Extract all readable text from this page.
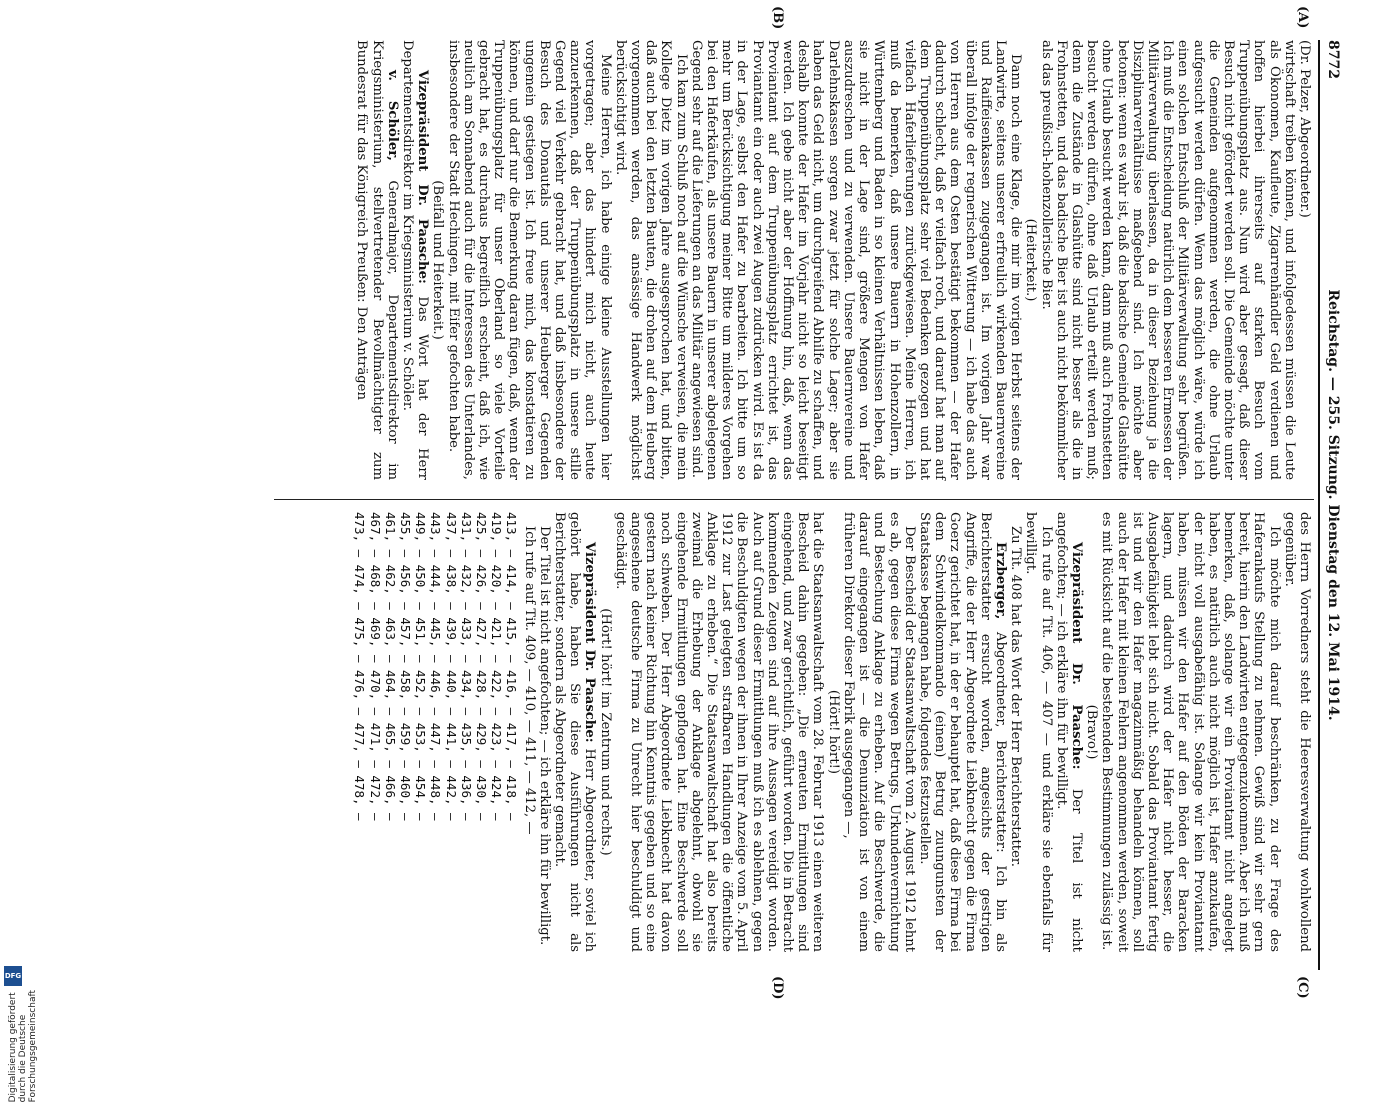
8772
Reichstag. — 255. Sitzung. Dienstag den 12. Mai 1914.
(A)
(B)
(C)
(D)

(Dr. Pelzer, Abgeordneter.)

wirtschaft treiben können, und infolgedessen müssen die Leute als Ökonomen, Kaufleute, Zigarrenhändler Geld verdienen und hoffen hierbei ihrerseits auf starken Besuch vom Truppenübungsplatz aus. Nun wird aber gesagt, daß dieser Besuch nicht gefördert werden soll. Die Gemeinde möchte unter die Gemeinden aufgenommen werden, die ohne Urlaub aufgesucht werden dürfen. Wenn das möglich wäre, würde ich einen solchen Entschluß der Militärverwaltung sehr begrüßen. Ich muß die Entscheidung natürlich dem besseren Ermessen der Militärverwaltung überlassen, da in dieser Beziehung ja die Disziplinarverhältnisse maßgebend sind. Ich möchte aber betonen: wenn es wahr ist, daß die badische Gemeinde Glashütte ohne Urlaub besucht werden kann, dann muß auch Frohnstetten besucht werden dürfen, ohne daß Urlaub erteilt werden muß; denn die Zustände in Glashütte sind nicht besser als die in Frohnstetten, und das badische Bier ist auch nicht bekömmlicher als das preußisch-hohenzollerische Bier.

(Heiterkeit.)

Dann noch eine Klage, die mir im vorigen Herbst seitens der Landwirte, seitens unserer erfreulich wirkenden Bauernvereine und Raiffeisenkassen zugegangen ist. Im vorigen Jahr war überall infolge der regnerischen Witterung — ich habe das auch von Herren aus dem Osten bestätigt bekommen — der Hafer dadurch schlecht, daß er vielfach roch, und darauf hat man auf dem Truppenübungsplatz sehr viel Bedenken gezogen und hat vielfach Haferlieferungen zurückgewiesen. Meine Herren, ich muß da bemerken, daß unsere Bauern in Hohenzollern, in Württemberg und Baden in so kleinen Verhältnissen leben, daß sie nicht in der Lage sind, größere Mengen von Hafer auszudreschen und zu verwenden. Unsere Bauernvereine und Darlehnskassen sorgen zwar jetzt für solche Lager; aber sie haben das Geld nicht, um durchgreifend Abhilfe zu schaffen, und deshalb konnte der Hafer im Vorjahr nicht so leicht beseitigt werden. Ich gebe nicht aber der Hoffnung hin, daß, wenn das Proviantamt auf dem Truppenübungsplatz errichtet ist, das Proviantamt ein oder auch zwei Augen zudrücken wird. Es ist da in der Lage, selbst den Hafer zu bearbeiten. Ich bitte um so mehr um Berücksichtigung meiner Bitte um milderes Vorgehen bei den Haferkäufen, als unsere Bauern in unserer abgelegenen Gegend sehr auf die Lieferungen an das Militär angewiesen sind.

Ich kam zum Schluß noch auf die Wünsche verweisen, die mein Kollege Dietz im vorigen Jahre ausgesprochen hat, und bitten, daß auch bei den letzten Bauten, die drohen auf dem Heuberg vorgenommen werden, das ansässige Handwerk möglichst berücksichtigt wird.

Meine Herren, ich habe einige kleine Ausstellungen hier vorgetragen; aber das hindert mich nicht, auch heute anzuerkennen, daß der Truppenübungsplatz in unsere stille Gegend viel Verkehr gebracht hat, und daß insbesondere der Besuch des Donautals und unserer Heuberger Gegenden ungemein gestiegen ist. Ich freue mich, das konstatieren zu können, und darf nur die Bemerkung daran fügen, daß, wenn der Truppenübungsplatz für unser Oberland so viele Vorteile gebracht hat, es durchaus begreiflich erscheint, daß ich, wie neulich am Sonnabend auch für die Interessen des Unterlandes, insbesondere der Stadt Hechingen, mit Eifer gefochten habe.

(Beifall und Heiterkeit.)

Vizepräsident Dr. Paasche: Das Wort hat der Herr Departementsdirektor im Kriegsministerium v. Schöler.

v. Schöler, Generalmajor, Departementsdirektor im Kriegsministerium, stellvertretender Bevollmächtigter zum Bundesrat für das Königreich Preußen: Den Anträgen

des Herrn Vorredners steht die Heeresverwaltung wohlwollend gegenüber.

Ich möchte mich darauf beschränken, zu der Frage des Haferankaufs Stellung zu nehmen. Gewiß sind wir sehr gern bereit, hierin den Landwirten entgegenzukommen. Aber ich muß bemerken, daß, solange wir ein Proviantamt nicht angelegt haben, es natürlich auch nicht möglich ist, Hafer anzukaufen, der nicht voll ausgabefähig ist. Solange wir kein Proviantamt haben, müssen wir den Hafer auf den Böden der Baracken lagern, und dadurch wird der Hafer nicht besser, die Ausgabefähigkeit lebt sich nicht. Sobald das Proviantamt fertig ist und wir den Hafer magazinmäßig behandeln können, soll auch der Hafer mit kleinen Fehlern angenommen werden, soweit es mit Rücksicht auf die bestehenden Bestimmungen zulässig ist.

(Bravo!)

Vizepräsident Dr. Paasche: Der Titel ist nicht angefochten; — ich erkläre ihn für bewilligt.

Ich rufe auf Tit. 406, — 407 — und erkläre sie ebenfalls für bewilligt.

Zu Tit. 408 hat das Wort der Herr Berichterstatter.

Erzberger, Abgeordneter, Berichterstatter: Ich bin als Berichterstatter ersucht worden, angesichts der gestrigen Angriffe, die der Herr Abgeordnete Liebknecht gegen die Firma Goerz gerichtet hat, in der er behauptet hat, daß diese Firma bei dem Schwindelkommando (einen) Betrug zuungunsten der Staatskasse begangen habe, folgendes festzustellen.

Der Bescheid der Staatsanwaltschaft vom 2. August 1912 lehnt es ab, gegen diese Firma wegen Betrugs, Urkundenvernichtung und Bestechung Anklage zu erheben. Auf die Beschwerde, die darauf eingegangen ist — die Denunziation ist von einem früheren Direktor dieser Fabrik ausgegangen —,

(Hört! hört!)

hat die Staatsanwaltschaft vom 28. Februar 1913 einen weiteren Bescheid dahin gegeben: „Die erneuten Ermittlungen sind eingehend, und zwar gerichtlich, geführt worden. Die in Betracht kommenden Zeugen sind auf ihre Aussagen vereidigt worden. Auch auf Grund dieser Ermittlungen muß ich es ablehnen, gegen die Beschuldigten wegen der ihnen in Ihrer Anzeige vom 5. April 1912 zur Last gelegten strafbaren Handlungen die öffentliche Anklage zu erheben.“ Die Staatsanwaltschaft hat also bereits zweimal die Erhebung der Anklage abgelehnt, obwohl sie eingehende Ermittlungen gepflogen hat. Eine Beschwerde soll noch schweben. Der Herr Abgeordnete Liebknecht hat davon gestern nach keiner Richtung hin Kenntnis gegeben und so eine angesehene deutsche Firma zu Unrecht hier beschuldigt und geschädigt.

(Hört! hört! im Zentrum und rechts.)

Vizepräsident Dr. Paasche: Herr Abgeordneter, soviel ich gehört habe, haben Sie diese Ausführungen nicht als Berichterstatter, sondern als Abgeordneter gemacht.

Der Titel ist nicht angefochten; — ich erkläre ihn für bewilligt.

Ich rufe auf Tit. 409, — 410, — 411, — 412, —

413, — 414, — 415, — 416, — 417, — 418, —
419, — 420, — 421, — 422, — 423, — 424, —
425, — 426, — 427, — 428, — 429, — 430, —
431, — 432, — 433, — 434, — 435, — 436, —
437, — 438, — 439, — 440, — 441, — 442, —
443, — 444, — 445, — 446, — 447, — 448, —
449, — 450, — 451, — 452, — 453, — 454, —
455, — 456, — 457, — 458, — 459, — 460, —
461, — 462, — 463, — 464, — 465, — 466, —
467, — 468, — 469, — 470, — 471, — 472, —
473, — 474, — 475, — 476, — 477, — 478, —
Digitalisierung gefördert durch die Deutsche Forschungsgemeinschaft
DFG
